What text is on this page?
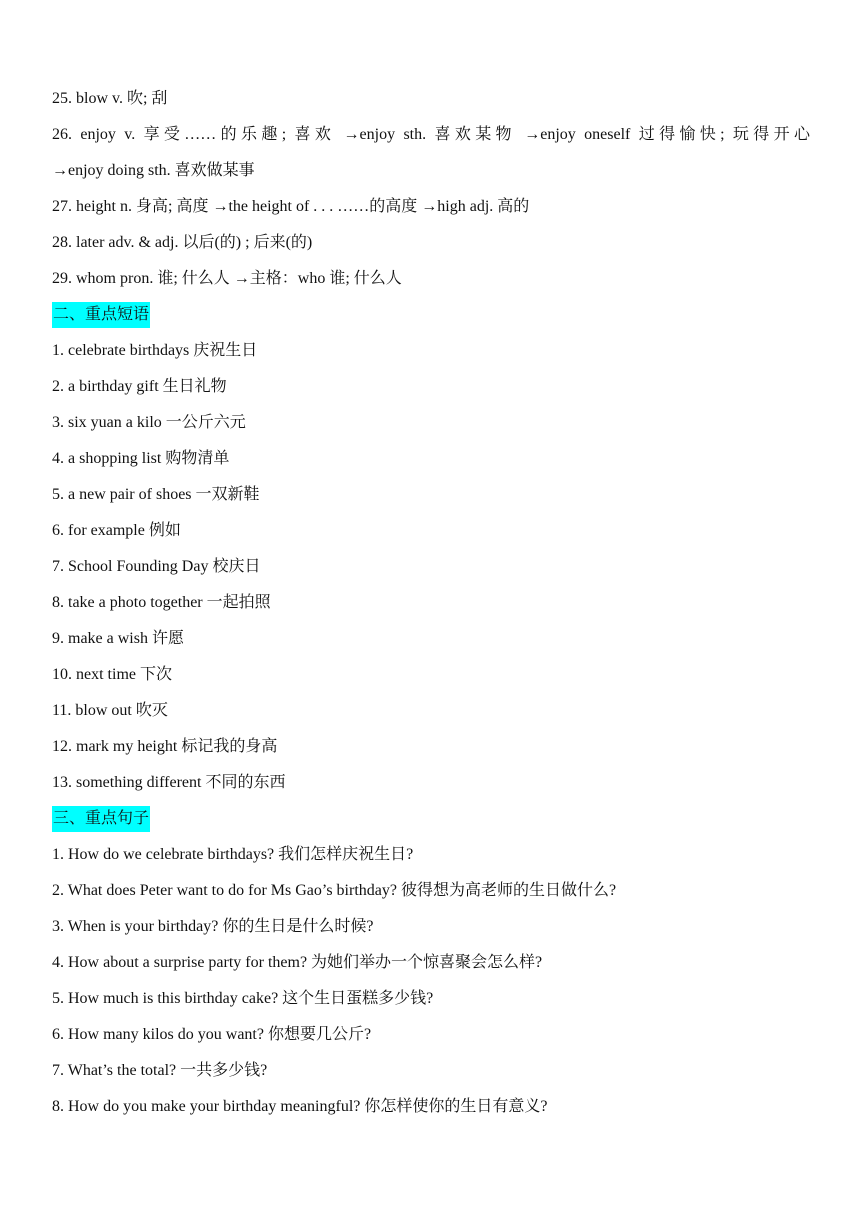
25. blow v. 吹; 刮
26. enjoy v. 享受……的乐趣; 喜欢 →enjoy sth. 喜欢某物 →enjoy oneself 过得愉快; 玩得开心
→enjoy doing sth. 喜欢做某事
27. height n. 身高; 高度 →the height of . . . ……的高度 →high adj. 高的
28. later adv. & adj. 以后(的) ; 后来(的)
29. whom pron. 谁; 什么人 →主格：who 谁; 什么人
二、重点短语
1. celebrate birthdays 庆祝生日
2. a birthday gift 生日礼物
3. six yuan a kilo 一公斤六元
4. a shopping list 购物清单
5. a new pair of shoes 一双新鞋
6. for example 例如
7. School Founding Day 校庆日
8. take a photo together 一起拍照
9. make a wish 许愿
10. next time 下次
11. blow out 吹灭
12. mark my height 标记我的身高
13. something different 不同的东西
三、重点句子
1. How do we celebrate birthdays? 我们怎样庆祝生日?
2. What does Peter want to do for Ms Gao’s birthday? 彼得想为高老师的生日做什么?
3. When is your birthday? 你的生日是什么时候?
4. How about a surprise party for them? 为她们举办一个惊喜聚会怎么样?
5. How much is this birthday cake? 这个生日蛋糕多少钱?
6. How many kilos do you want? 你想要几公斤?
7. What’s the total? 一共多少钱?
8. How do you make your birthday meaningful? 你怎样使你的生日有意义?
